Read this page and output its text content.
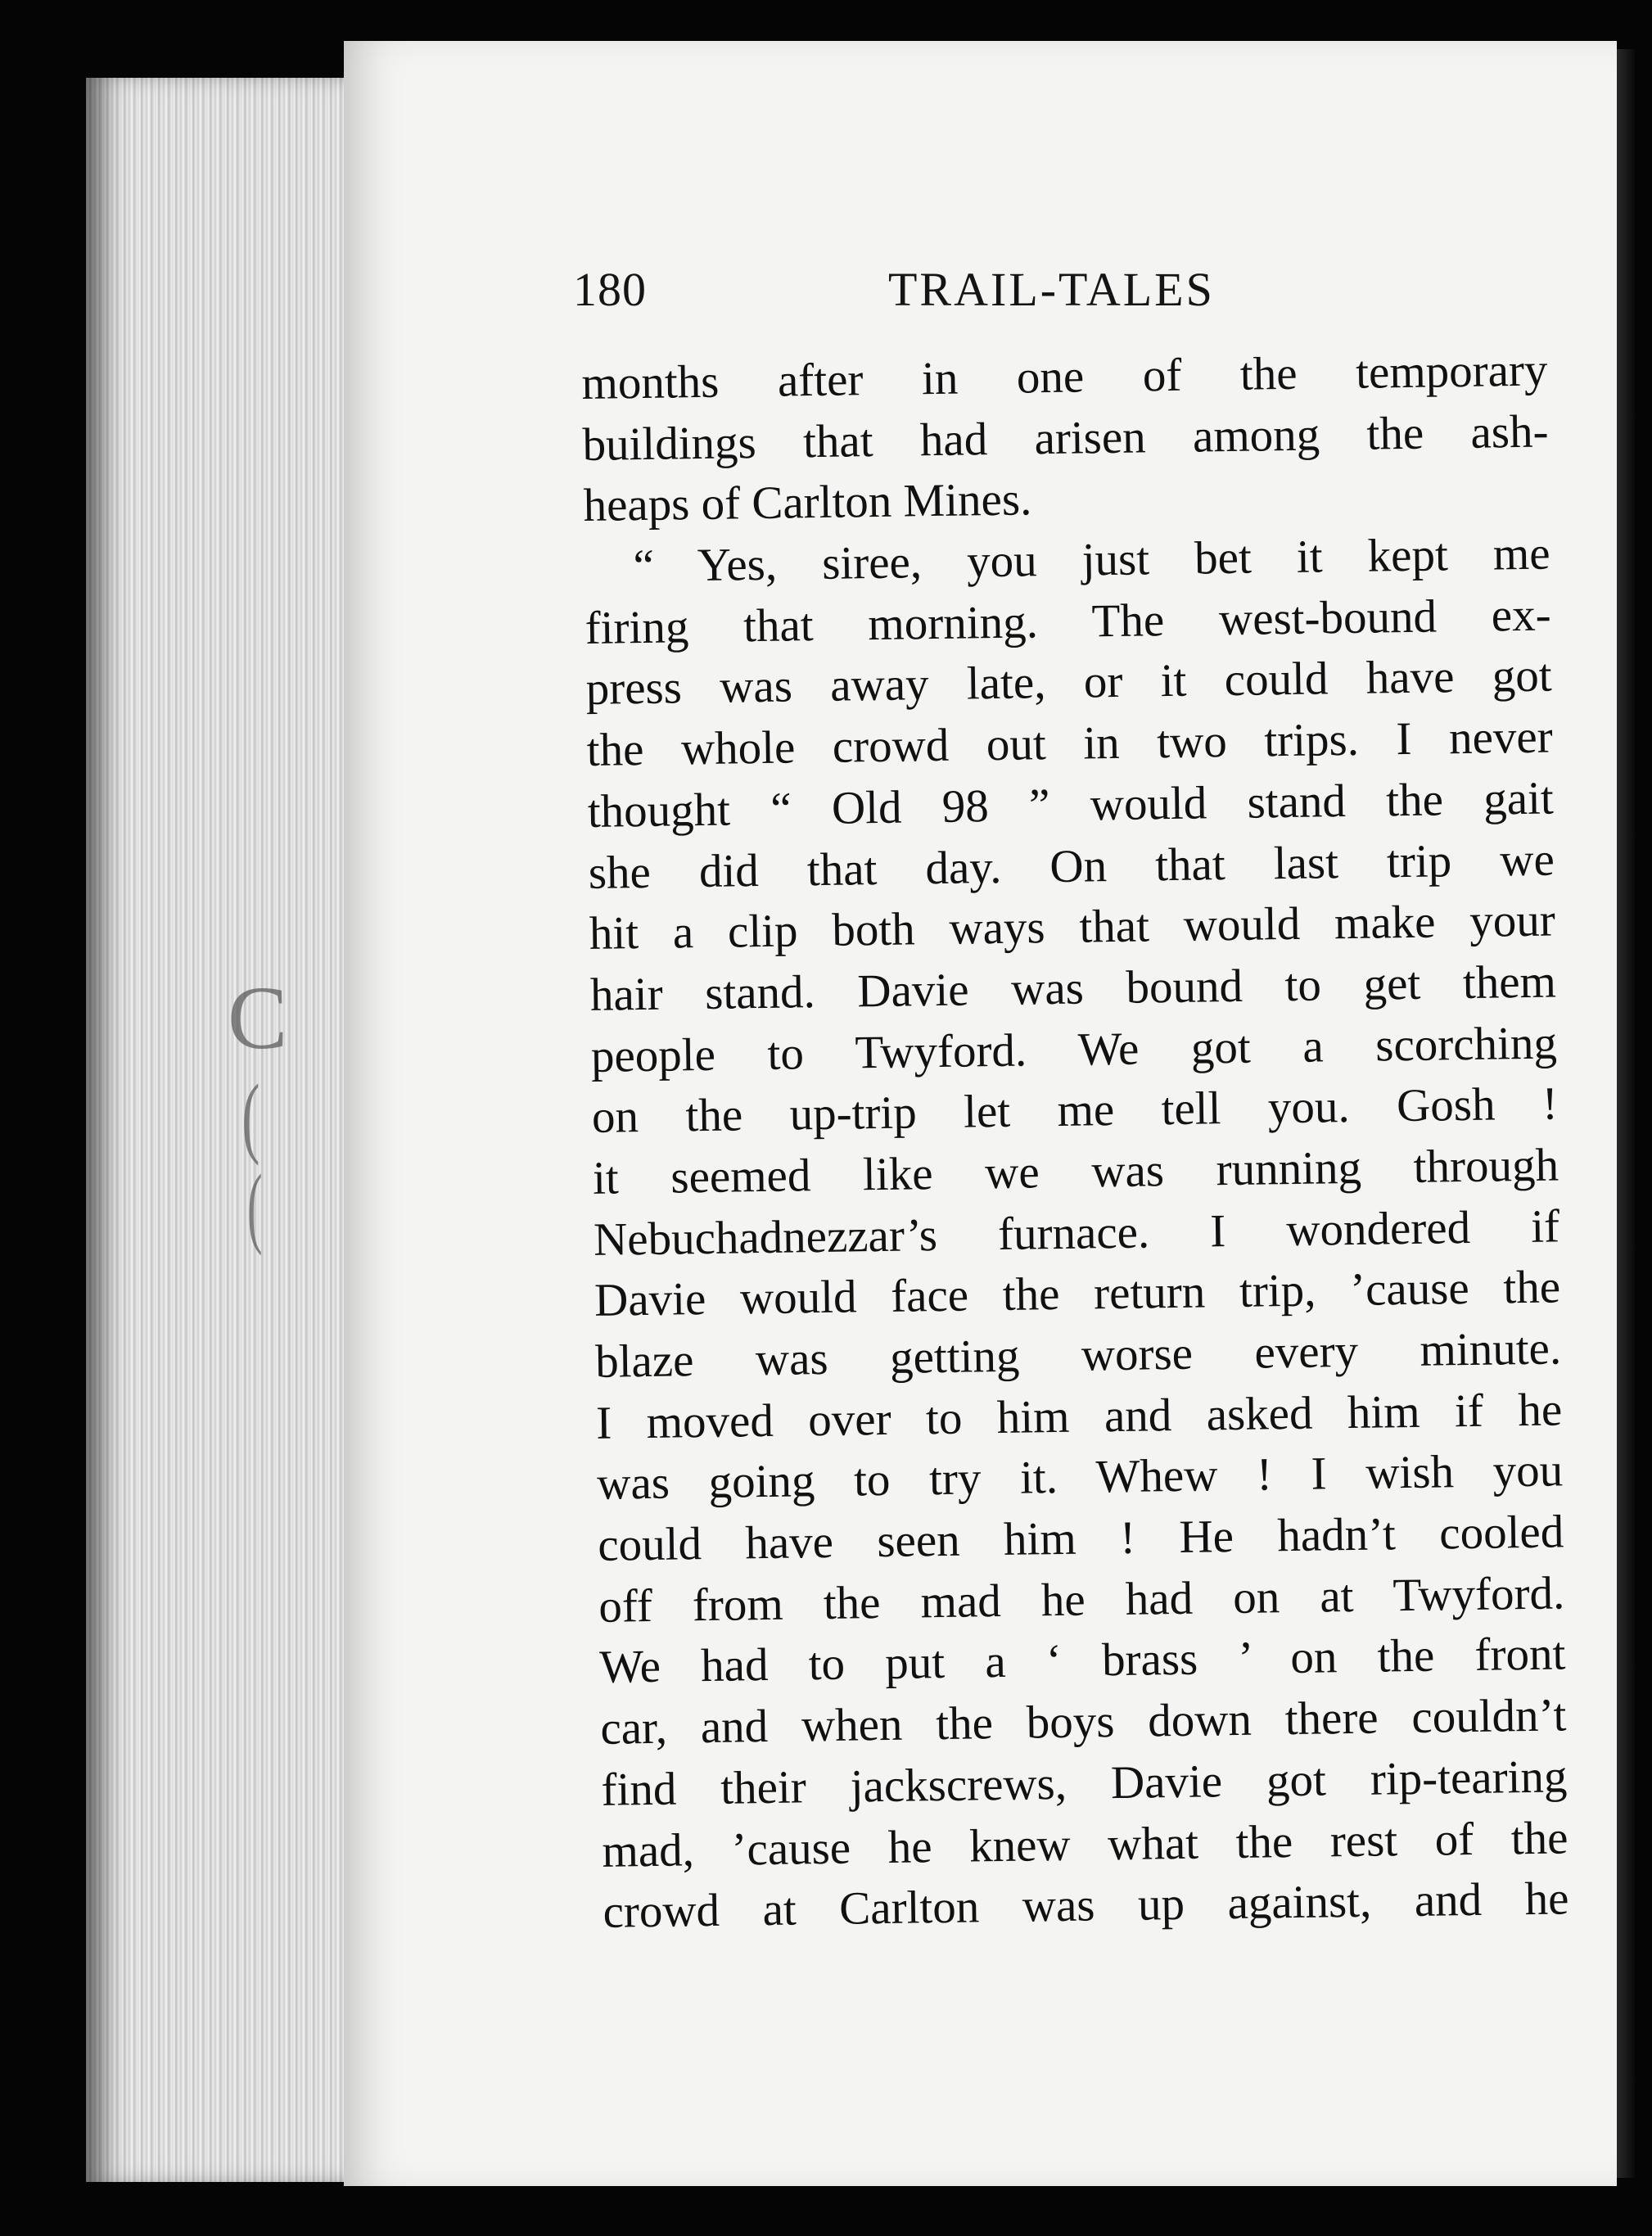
C
(
(
180	TRAIL-TALES
months after in one of the temporary
buildings that had arisen among the ash-
heaps of Carlton Mines.
“ Yes, siree, you just bet it kept me
firing that morning. The west-bound ex-
press was away late, or it could have got
the whole crowd out in two trips. I never
thought “ Old 98 ” would stand the gait
she did that day. On that last trip we
hit a clip both ways that would make your
hair stand. Davie was bound to get them
people to Twyford. We got a scorching
on the up-trip let me tell you. Gosh !
it seemed like we was running through
Nebuchadnezzar’s furnace. I wondered if
Davie would face the return trip, ’cause the
blaze was getting worse every minute.
I moved over to him and asked him if he
was going to try it. Whew ! I wish you
could have seen him ! He hadn’t cooled
off from the mad he had on at Twyford.
We had to put a ‘ brass ’ on the front
car, and when the boys down there couldn’t
find their jackscrews, Davie got rip-tearing
mad, ’cause he knew what the rest of the
crowd at Carlton was up against, and he
